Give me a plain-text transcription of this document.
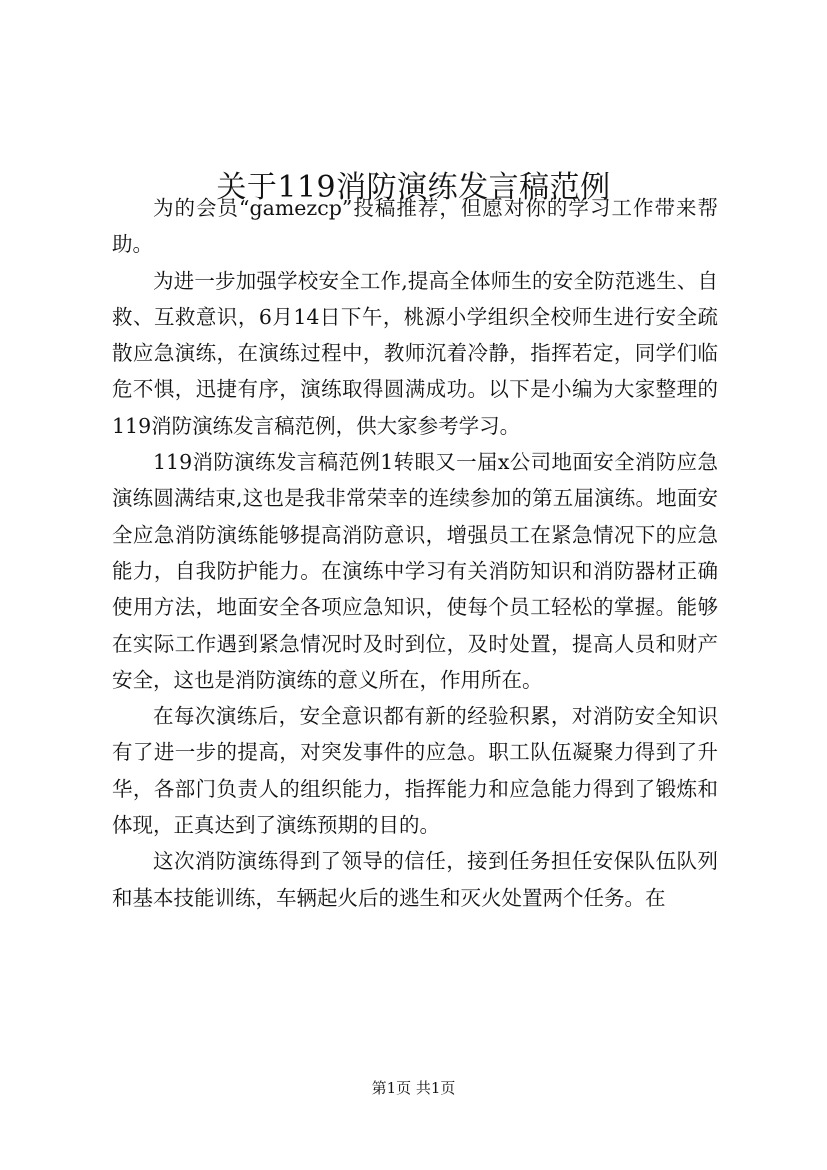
关于119消防演练发言稿范例

为的会员“gamezcp”投稿推荐，但愿对你的学习工作带来帮助。

为进一步加强学校安全工作,提高全体师生的安全防范逃生、自救、互救意识，6月14日下午，桃源小学组织全校师生进行安全疏散应急演练，在演练过程中，教师沉着冷静，指挥若定，同学们临危不惧，迅捷有序，演练取得圆满成功。以下是小编为大家整理的119消防演练发言稿范例，供大家参考学习。

119消防演练发言稿范例1转眼又一届x公司地面安全消防应急演练圆满结束,这也是我非常荣幸的连续参加的第五届演练。地面安全应急消防演练能够提高消防意识，增强员工在紧急情况下的应急能力，自我防护能力。在演练中学习有关消防知识和消防器材正确使用方法，地面安全各项应急知识，使每个员工轻松的掌握。能够在实际工作遇到紧急情况时及时到位，及时处置，提高人员和财产安全，这也是消防演练的意义所在，作用所在。

在每次演练后，安全意识都有新的经验积累，对消防安全知识有了进一步的提高，对突发事件的应急。职工队伍凝聚力得到了升华，各部门负责人的组织能力，指挥能力和应急能力得到了锻炼和体现，正真达到了演练预期的目的。

这次消防演练得到了领导的信任，接到任务担任安保队伍队列和基本技能训练，车辆起火后的逃生和灭火处置两个任务。在

第1页 共1页
